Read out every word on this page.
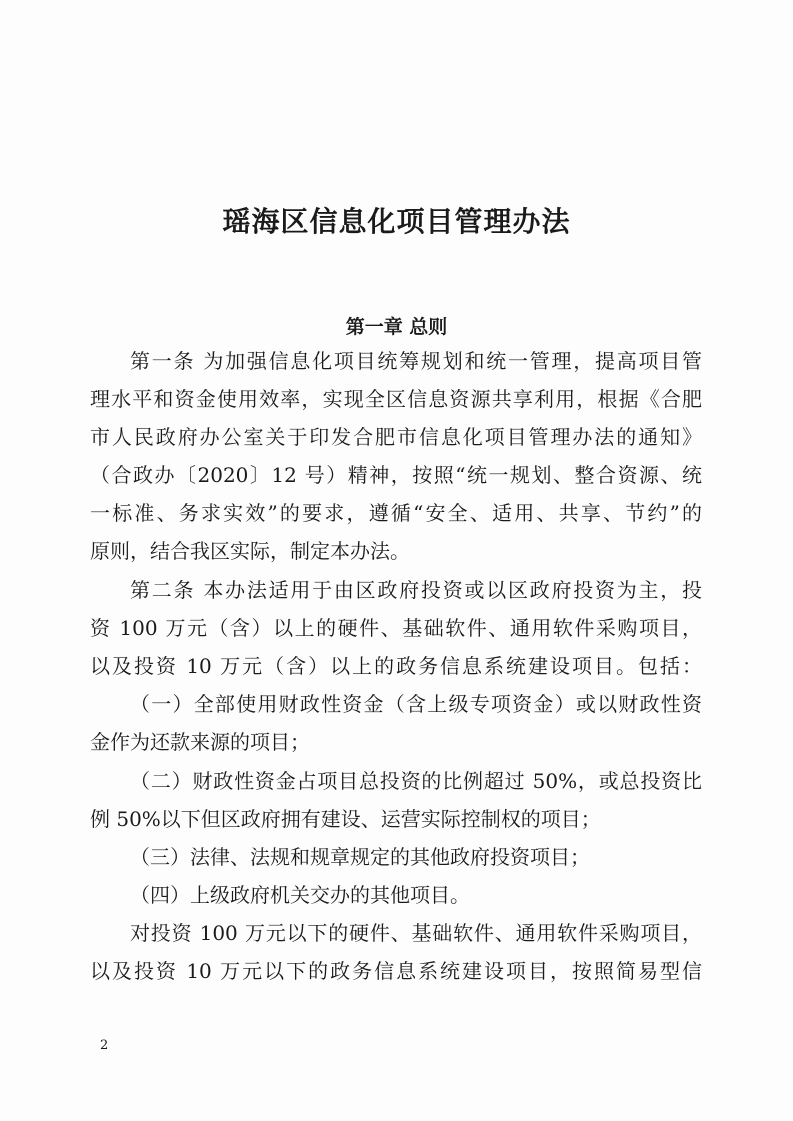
瑶海区信息化项目管理办法
第一章 总则
第一条 为加强信息化项目统筹规划和统一管理，提高项目管
理水平和资金使用效率，实现全区信息资源共享利用，根据《合肥
市人民政府办公室关于印发合肥市信息化项目管理办法的通知》
（合政办〔2020〕12 号）精神，按照“统一规划、整合资源、统
一标准、务求实效”的要求，遵循“安全、适用、共享、节约”的
原则，结合我区实际，制定本办法。
第二条 本办法适用于由区政府投资或以区政府投资为主，投
资 100 万元（含）以上的硬件、基础软件、通用软件采购项目，
以及投资 10 万元（含）以上的政务信息系统建设项目。包括：
（一）全部使用财政性资金（含上级专项资金）或以财政性资
金作为还款来源的项目；
（二）财政性资金占项目总投资的比例超过 50%，或总投资比
例 50%以下但区政府拥有建设、运营实际控制权的项目；
（三）法律、法规和规章规定的其他政府投资项目；
（四）上级政府机关交办的其他项目。
对投资 100 万元以下的硬件、基础软件、通用软件采购项目，
以及投资 10 万元以下的政务信息系统建设项目，按照简易型信
2
